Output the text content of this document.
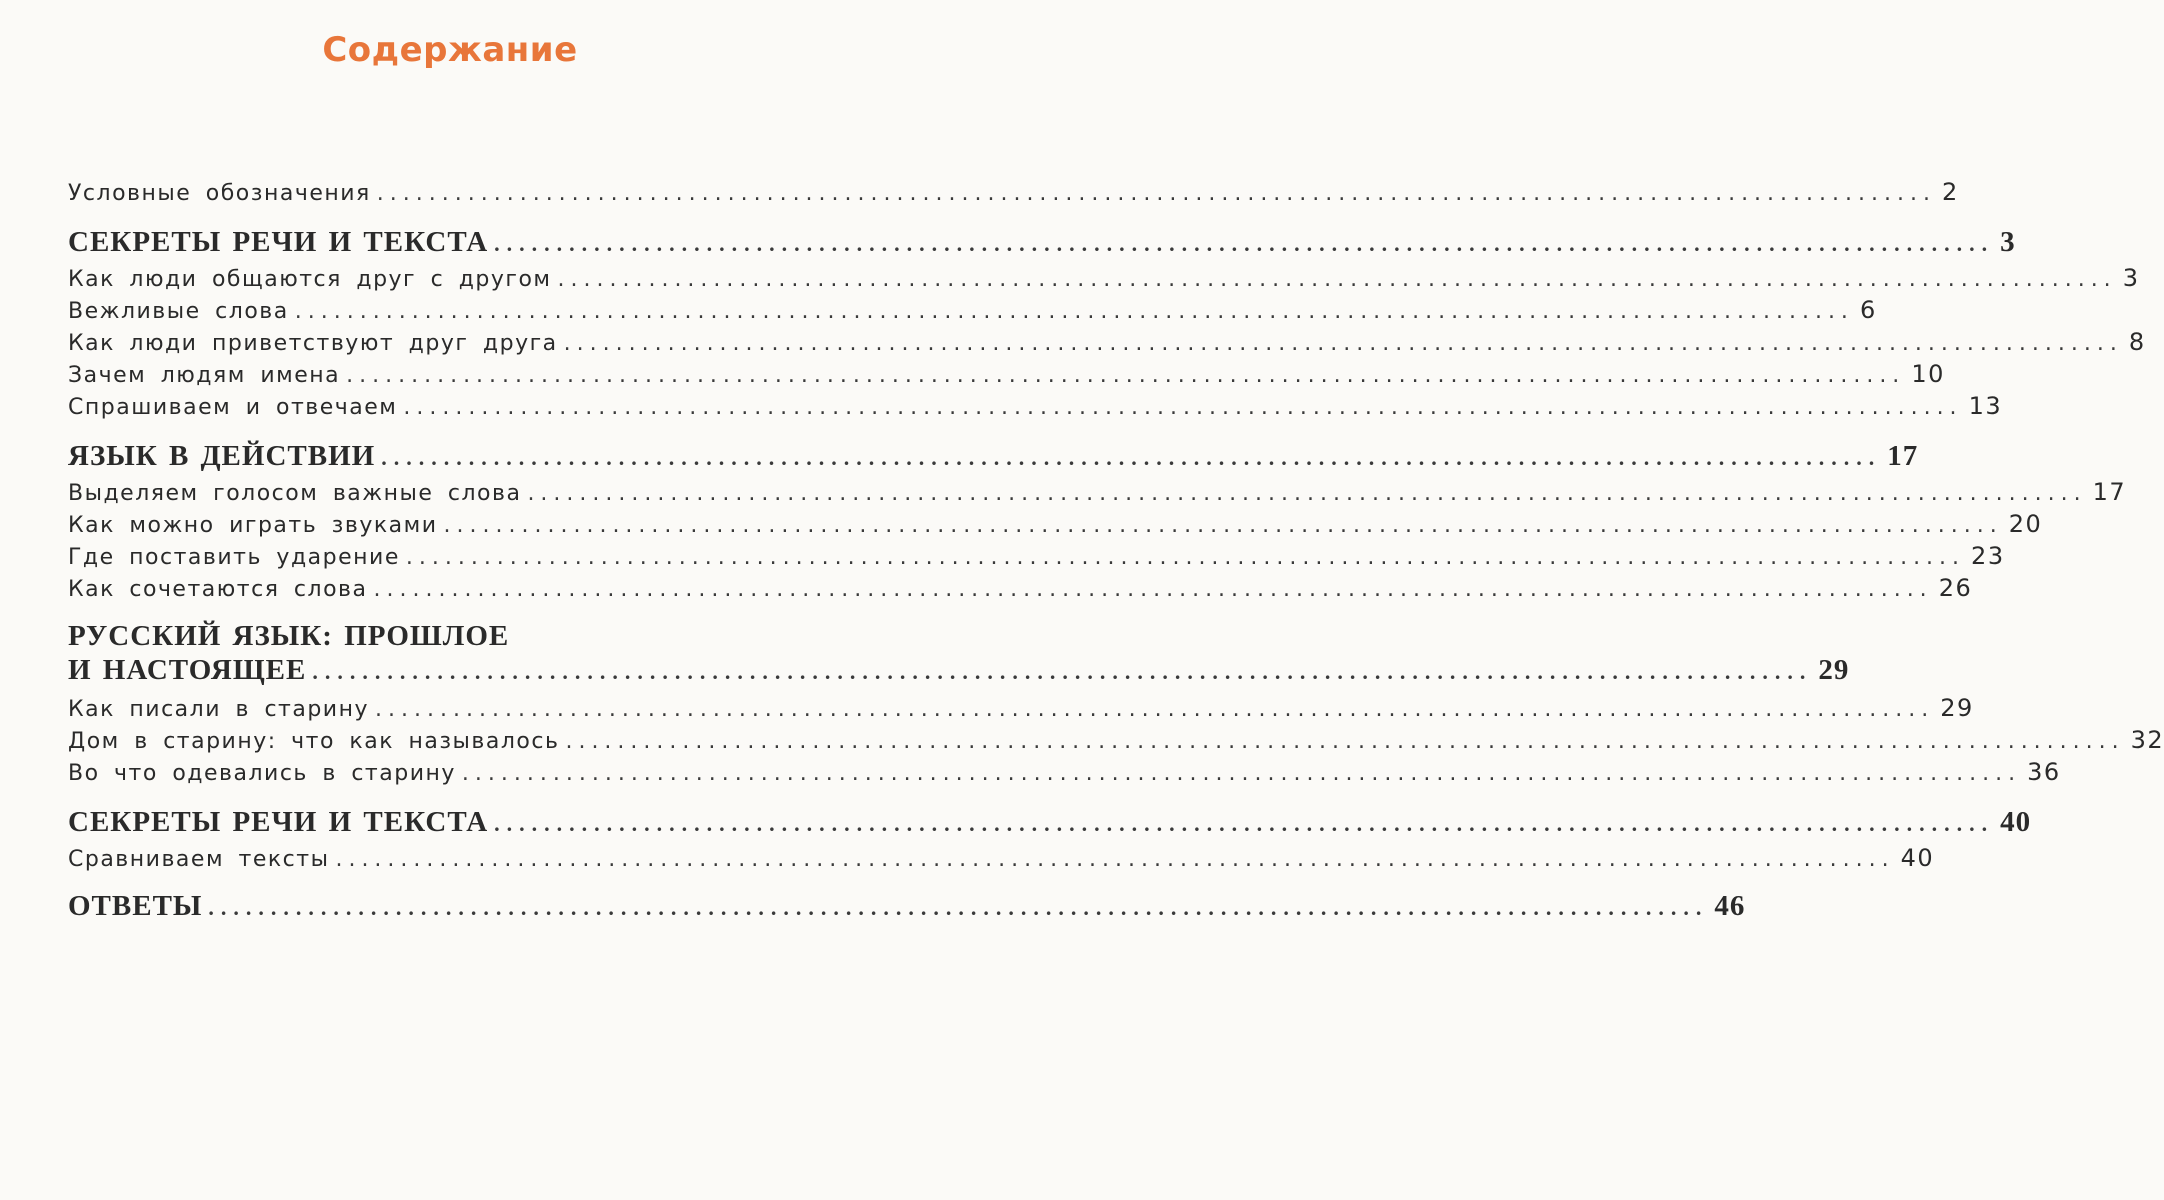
Содержание
Условные обозначения ........................................................................................................................ 2
СЕКРЕТЫ РЕЧИ И ТЕКСТА ........................................................................................................................ 3
Как люди общаются друг с другом ........................................................................................................................ 3
Вежливые слова ........................................................................................................................ 6
Как люди приветствуют друг друга ........................................................................................................................ 8
Зачем людям имена ........................................................................................................................ 10
Спрашиваем и отвечаем ........................................................................................................................ 13
ЯЗЫК В ДЕЙСТВИИ ........................................................................................................................ 17
Выделяем голосом важные слова ........................................................................................................................ 17
Как можно играть звуками ........................................................................................................................ 20
Где поставить ударение ........................................................................................................................ 23
Как сочетаются слова ........................................................................................................................ 26
РУССКИЙ ЯЗЫК: ПРОШЛОЕ
И НАСТОЯЩЕЕ ........................................................................................................................ 29
Как писали в старину ........................................................................................................................ 29
Дом в старину: что как называлось ........................................................................................................................ 32
Во что одевались в старину ........................................................................................................................ 36
СЕКРЕТЫ РЕЧИ И ТЕКСТА ........................................................................................................................ 40
Сравниваем тексты ........................................................................................................................ 40
ОТВЕТЫ ........................................................................................................................ 46
